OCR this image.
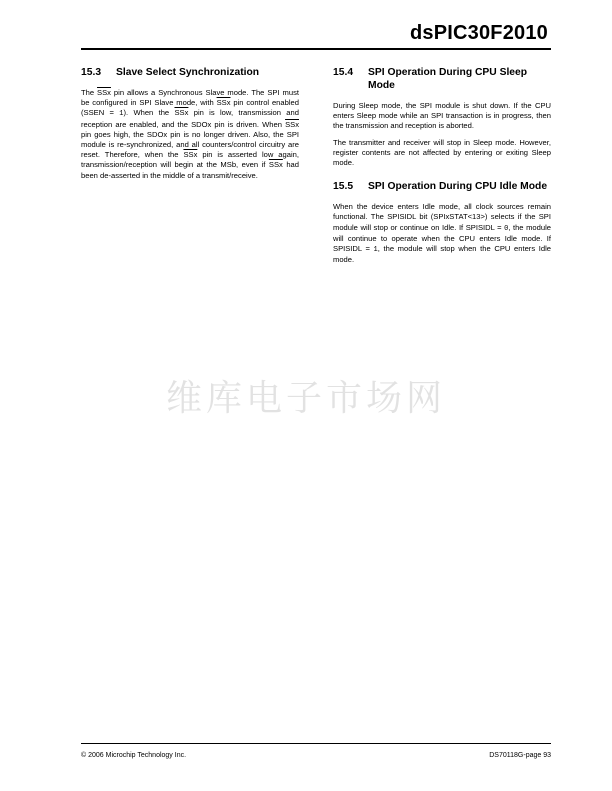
dsPIC30F2010
15.3	Slave Select Synchronization

The $\overline{SSx}$ pin allows a Synchronous Slave mode. The SPI must be configured in SPI Slave mode, with $\overline{SSx}$ pin control enabled (SSEN = 1). When the $\overline{SSx}$ pin is low, transmission and reception are enabled, and the SDOx pin is driven. When $\overline{SSx}$ pin goes high, the SDOx pin is no longer driven. Also, the SPI module is re-synchronized, and all counters/control circuitry are reset. Therefore, when the $\overline{SSx}$ pin is asserted low again, transmission/reception will begin at the MSb, even if $\overline{SSx}$ had been de-asserted in the middle of a transmit/receive.

15.4	SPI Operation During CPU Sleep Mode

During Sleep mode, the SPI module is shut down. If the CPU enters Sleep mode while an SPI transaction is in progress, then the transmission and reception is aborted.

The transmitter and receiver will stop in Sleep mode. However, register contents are not affected by entering or exiting Sleep mode.

15.5	SPI Operation During CPU Idle Mode

When the device enters Idle mode, all clock sources remain functional. The SPISIDL bit (SPIxSTAT<13>) selects if the SPI module will stop or continue on Idle. If SPISIDL = 0, the module will continue to operate when the CPU enters Idle mode. If SPISIDL = 1, the module will stop when the CPU enters Idle mode.

维库电子市场网
© 2006 Microchip Technology Inc.	DS70118G-page 93
